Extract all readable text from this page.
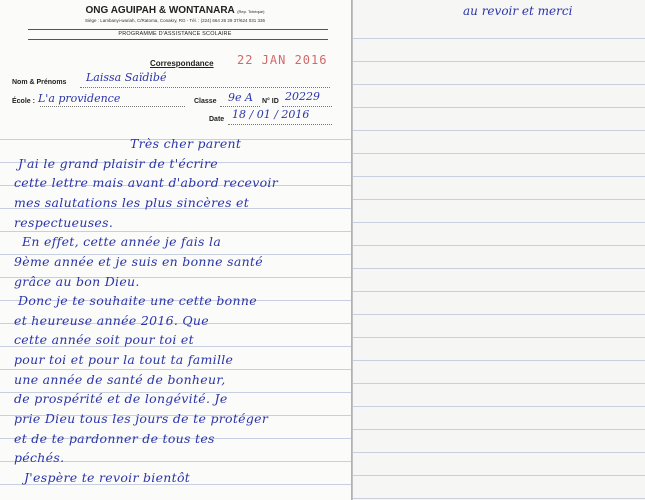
ONG AGUIPAH & WONTANARA (Rep. Tchèque)
Siège : Lambanyi-wariah, C/Ratoma, Conakry, RG - Tél. : (224) 664 26 29 37/624 031 336
PROGRAMME D'ASSISTANCE SCOLAIRE
22 JAN 2016
Correspondance
Nom & Prénoms Laissa Saïdibé
École : L'a providence	Classe 9e A N° ID 20229
Date 18 / 01 / 2016
Très cher parent
J'ai le grand plaisir de t'écrire
cette lettre mais avant d'abord recevoir
mes salutations les plus sincères et
respectueuses.
En effet, cette année je fais la
9ème année et je suis en bonne santé
grâce au bon Dieu.
Donc je te souhaite une cette bonne
et heureuse année 2016. Que
cette année soit pour toi et
pour toi et pour la tout ta famille
une année de santé de bonheur,
de prospérité et de longévité. Je
prie Dieu tous les jours de te protéger
et de te pardonner de tous tes
péchés.
J'espère te revoir bientôt
au revoir et merci
